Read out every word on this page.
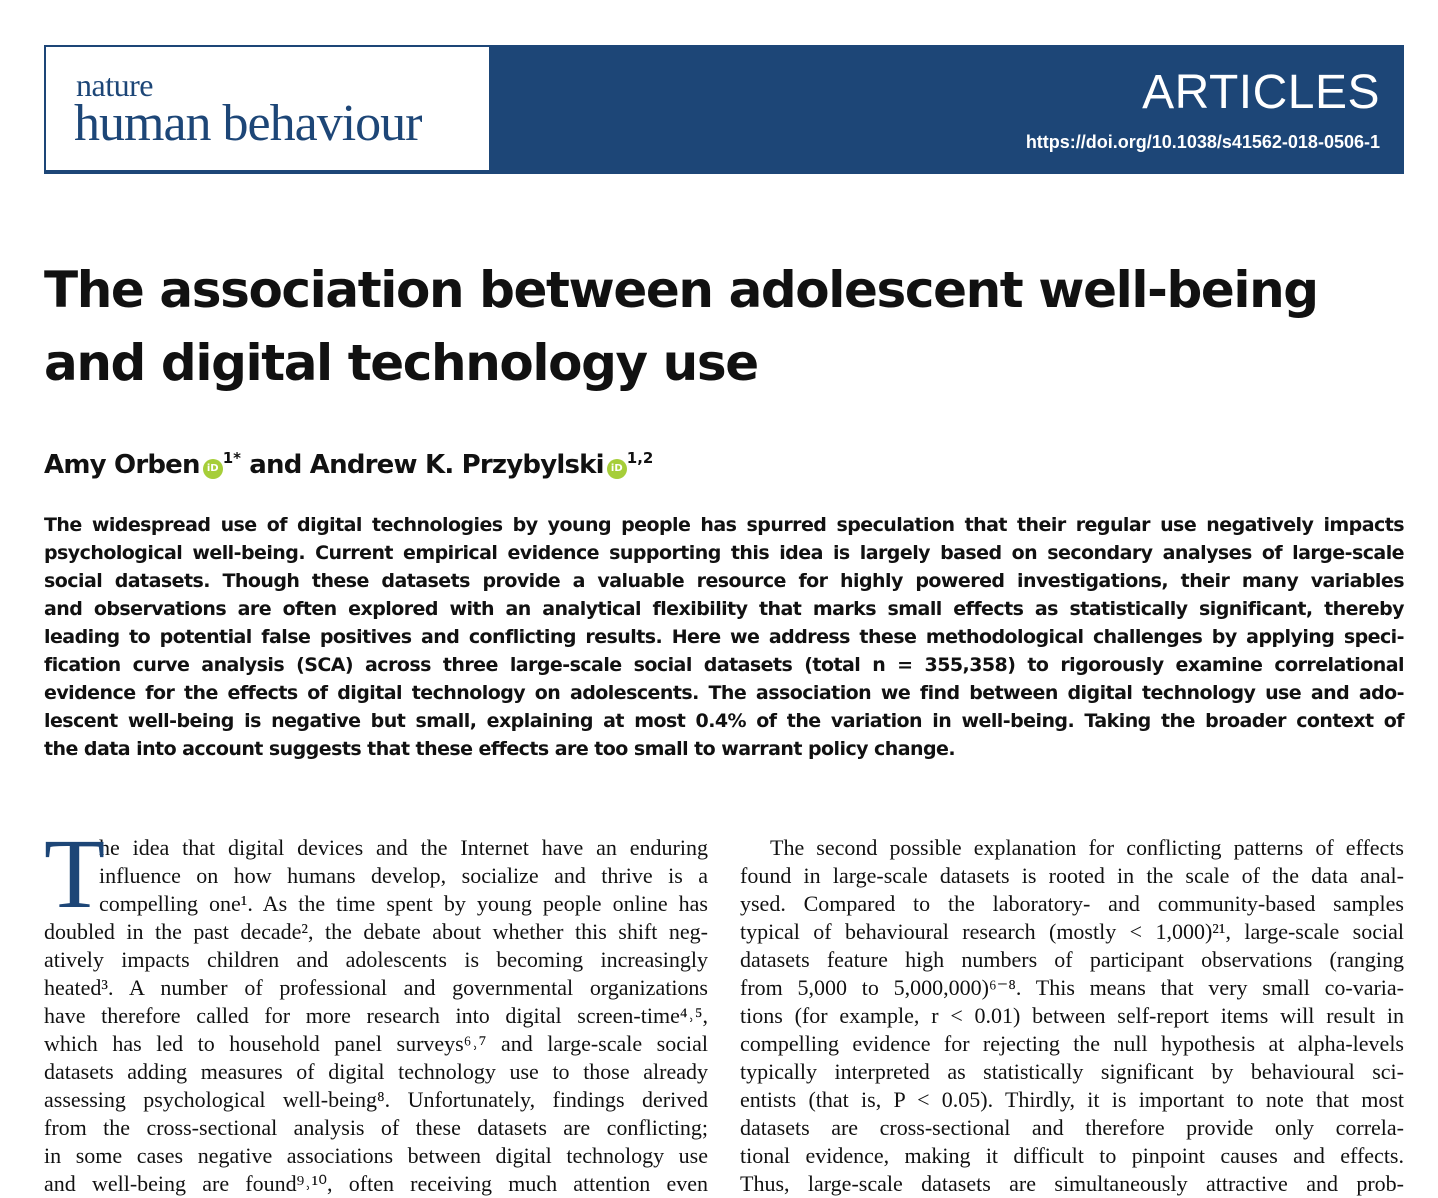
nature
human behaviour
ARTICLES
https://doi.org/10.1038/s41562-018-0506-1
The association between adolescent well-being and digital technology use
Amy Orben iD$^{1*}$ and Andrew K. Przybylski iD$^{1,2}$
The widespread use of digital technologies by young people has spurred speculation that their regular use negatively impacts
psychological well-being. Current empirical evidence supporting this idea is largely based on secondary analyses of large-scale
social datasets. Though these datasets provide a valuable resource for highly powered investigations, their many variables
and observations are often explored with an analytical flexibility that marks small effects as statistically significant, thereby
leading to potential false positives and conflicting results. Here we address these methodological challenges by applying speci-
fication curve analysis (SCA) across three large-scale social datasets (total n = 355,358) to rigorously examine correlational
evidence for the effects of digital technology on adolescents. The association we find between digital technology use and ado-
lescent well-being is negative but small, explaining at most 0.4% of the variation in well-being. Taking the broader context of
the data into account suggests that these effects are too small to warrant policy change.
T
he idea that digital devices and the Internet have an enduring
influence on how humans develop, socialize and thrive is a
compelling one¹. As the time spent by young people online has
doubled in the past decade², the debate about whether this shift neg-
atively impacts children and adolescents is becoming increasingly
heated³. A number of professional and governmental organizations
have therefore called for more research into digital screen-time⁴˒⁵,
which has led to household panel surveys⁶˒⁷ and large-scale social
datasets adding measures of digital technology use to those already
assessing psychological well-being⁸. Unfortunately, findings derived
from the cross-sectional analysis of these datasets are conflicting;
in some cases negative associations between digital technology use
and well-being are found⁹˒¹⁰, often receiving much attention even
The second possible explanation for conflicting patterns of effects
found in large-scale datasets is rooted in the scale of the data anal-
ysed. Compared to the laboratory- and community-based samples
typical of behavioural research (mostly < 1,000)²¹, large-scale social
datasets feature high numbers of participant observations (ranging
from 5,000 to 5,000,000)⁶⁻⁸. This means that very small co-varia-
tions (for example, r < 0.01) between self-report items will result in
compelling evidence for rejecting the null hypothesis at alpha-levels
typically interpreted as statistically significant by behavioural sci-
entists (that is, P < 0.05). Thirdly, it is important to note that most
datasets are cross-sectional and therefore provide only correla-
tional evidence, making it difficult to pinpoint causes and effects.
Thus, large-scale datasets are simultaneously attractive and prob-
